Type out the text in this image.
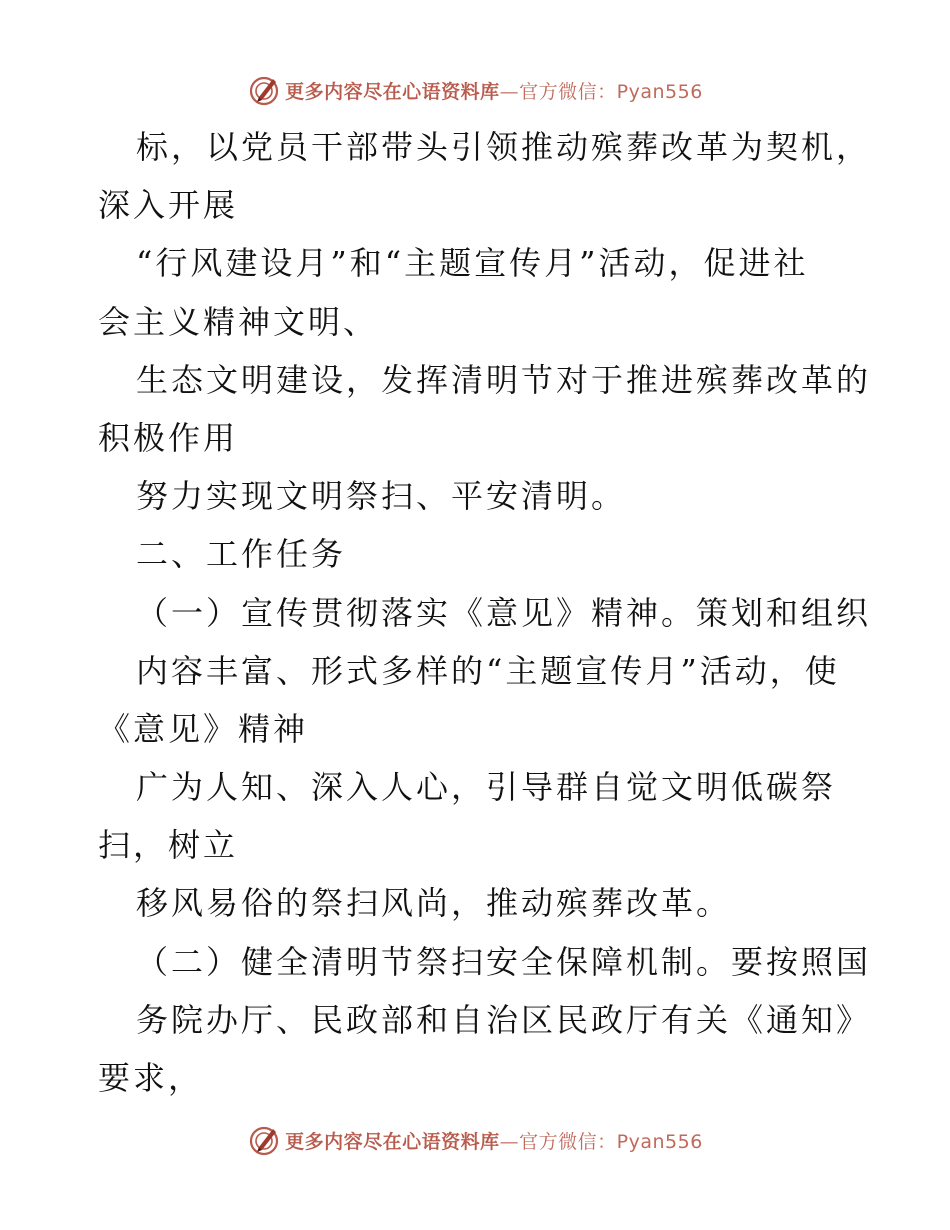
更多内容尽在心语资料库—官方微信：Pyan556
标，以党员干部带头引领推动殡葬改革为契机，
深入开展
“行风建设月”和“主题宣传月”活动，促进社
会主义精神文明、
生态文明建设，发挥清明节对于推进殡葬改革的
积极作用
努力实现文明祭扫、平安清明。
二、工作任务
（一）宣传贯彻落实《意见》精神。策划和组织
内容丰富、形式多样的“主题宣传月”活动，使
《意见》精神
广为人知、深入人心，引导群自觉文明低碳祭
扫，树立
移风易俗的祭扫风尚，推动殡葬改革。
（二）健全清明节祭扫安全保障机制。要按照国
务院办厅、民政部和自治区民政厅有关《通知》
要求，
更多内容尽在心语资料库—官方微信：Pyan556
